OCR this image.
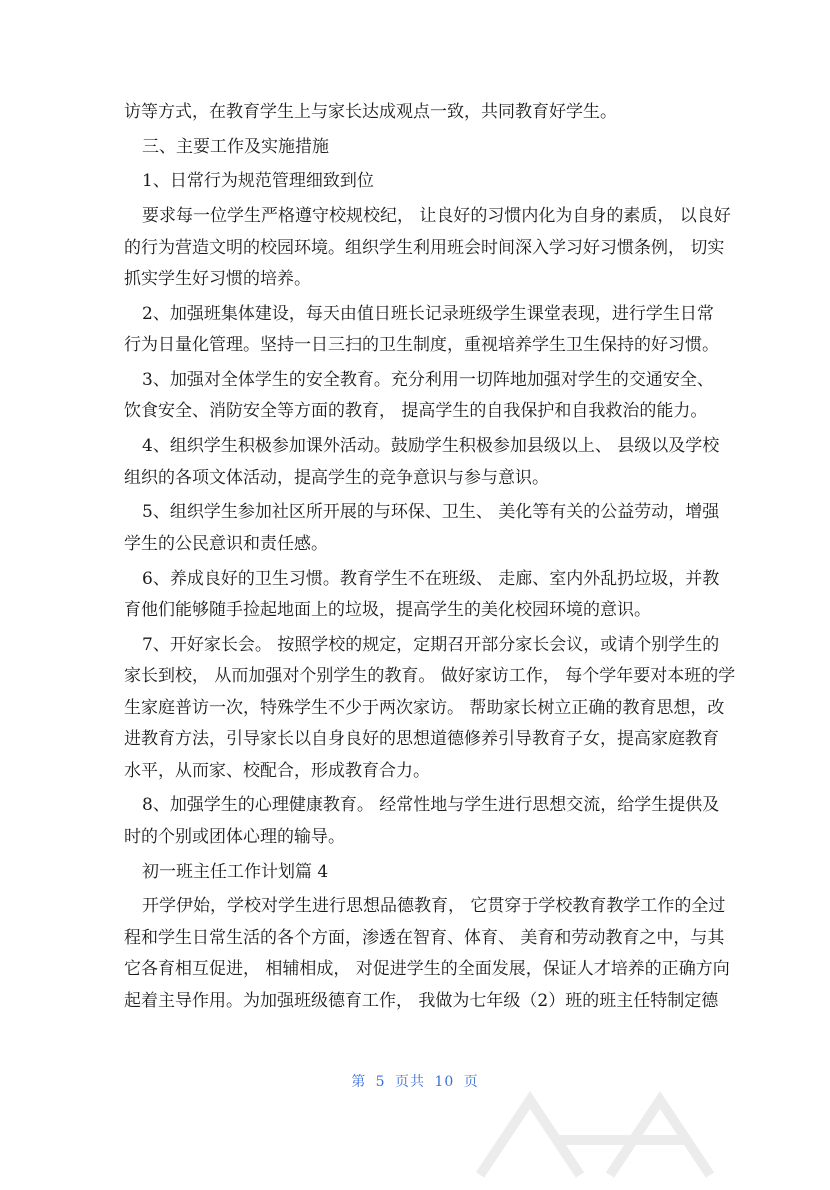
访等方式，在教育学生上与家长达成观点一致，共同教育好学生。
三、主要工作及实施措施
1、日常行为规范管理细致到位
要求每一位学生严格遵守校规校纪， 让良好的习惯内化为自身的素质， 以良好
的行为营造文明的校园环境。组织学生利用班会时间深入学习好习惯条例， 切实
抓实学生好习惯的培养。
2、加强班集体建设，每天由值日班长记录班级学生课堂表现，进行学生日常
行为日量化管理。坚持一日三扫的卫生制度，重视培养学生卫生保持的好习惯。
3、加强对全体学生的安全教育。充分利用一切阵地加强对学生的交通安全、
饮食安全、消防安全等方面的教育， 提高学生的自我保护和自我救治的能力。
4、组织学生积极参加课外活动。鼓励学生积极参加县级以上、 县级以及学校
组织的各项文体活动，提高学生的竞争意识与参与意识。
5、组织学生参加社区所开展的与环保、卫生、 美化等有关的公益劳动，增强
学生的公民意识和责任感。
6、养成良好的卫生习惯。教育学生不在班级、 走廊、室内外乱扔垃圾，并教
育他们能够随手捡起地面上的垃圾，提高学生的美化校园环境的意识。
7、开好家长会。 按照学校的规定，定期召开部分家长会议，或请个别学生的
家长到校， 从而加强对个别学生的教育。 做好家访工作， 每个学年要对本班的学
生家庭普访一次，特殊学生不少于两次家访。 帮助家长树立正确的教育思想，改
进教育方法，引导家长以自身良好的思想道德修养引导教育子女，提高家庭教育
水平，从而家、校配合，形成教育合力。
8、加强学生的心理健康教育。 经常性地与学生进行思想交流，给学生提供及
时的个别或团体心理的输导。
初一班主任工作计划篇 4
开学伊始，学校对学生进行思想品德教育， 它贯穿于学校教育教学工作的全过
程和学生日常生活的各个方面，渗透在智育、体育、 美育和劳动教育之中，与其
它各育相互促进， 相辅相成， 对促进学生的全面发展，保证人才培养的正确方向
起着主导作用。为加强班级德育工作， 我做为七年级（2）班的班主任特制定德
第 5 页共 10 页
